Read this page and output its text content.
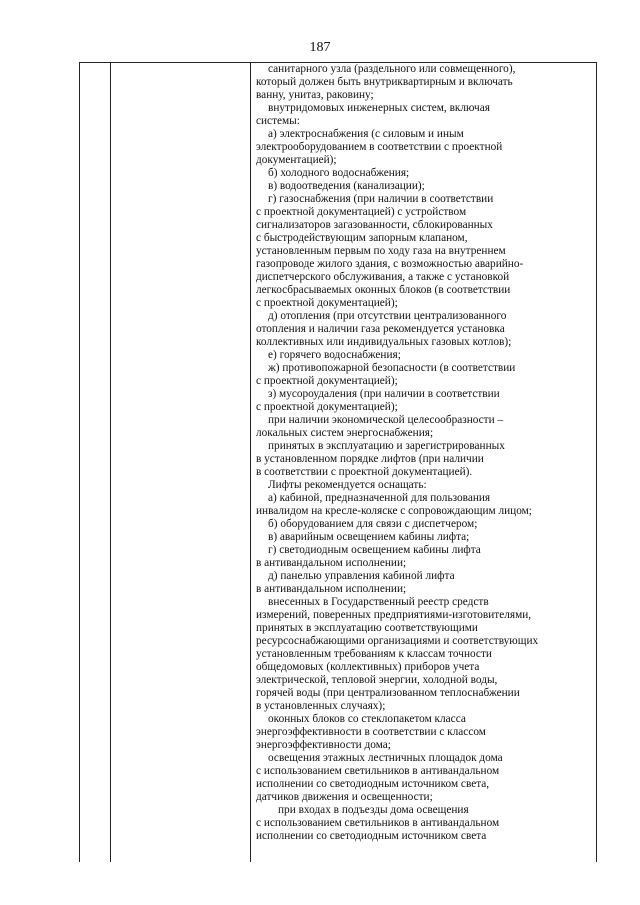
187
санитарного узла (раздельного или совмещенного),
который должен быть внутриквартирным и включать
ванну, унитаз, раковину;
внутридомовых инженерных систем, включая
системы:
а) электроснабжения (с силовым и иным
электрооборудованием в соответствии с проектной
документацией);
б) холодного водоснабжения;
в) водоотведения (канализации);
г) газоснабжения (при наличии в соответствии
с проектной документацией) с устройством
сигнализаторов загазованности, сблокированных
с быстродействующим запорным клапаном,
установленным первым по ходу газа на внутреннем
газопроводе жилого здания, с возможностью аварийно-
диспетчерского обслуживания, а также с установкой
легкосбрасываемых оконных блоков (в соответствии
с проектной документацией);
д) отопления (при отсутствии централизованного
отопления и наличии газа рекомендуется установка
коллективных или индивидуальных газовых котлов);
е) горячего водоснабжения;
ж) противопожарной безопасности (в соответствии
с проектной документацией);
з) мусороудаления (при наличии в соответствии
с проектной документацией);
при наличии экономической целесообразности –
локальных систем энергоснабжения;
принятых в эксплуатацию и зарегистрированных
в установленном порядке лифтов (при наличии
в соответствии с проектной документацией).
Лифты рекомендуется оснащать:
а) кабиной, предназначенной для пользования
инвалидом на кресле-коляске с сопровождающим лицом;
б) оборудованием для связи с диспетчером;
в) аварийным освещением кабины лифта;
г) светодиодным освещением кабины лифта
в антивандальном исполнении;
д) панелью управления кабиной лифта
в антивандальном исполнении;
внесенных в Государственный реестр средств
измерений, поверенных предприятиями-изготовителями,
принятых в эксплуатацию соответствующими
ресурсоснабжающими организациями и соответствующих
установленным требованиям к классам точности
общедомовых (коллективных) приборов учета
электрической, тепловой энергии, холодной воды,
горячей воды (при централизованном теплоснабжении
в установленных случаях);
оконных блоков со стеклопакетом класса
энергоэффективности в соответствии с классом
энергоэффективности дома;
освещения этажных лестничных площадок дома
с использованием светильников в антивандальном
исполнении со светодиодным источником света,
датчиков движения и освещенности;
при входах в подъезды дома освещения
с использованием светильников в антивандальном
исполнении со светодиодным источником света
